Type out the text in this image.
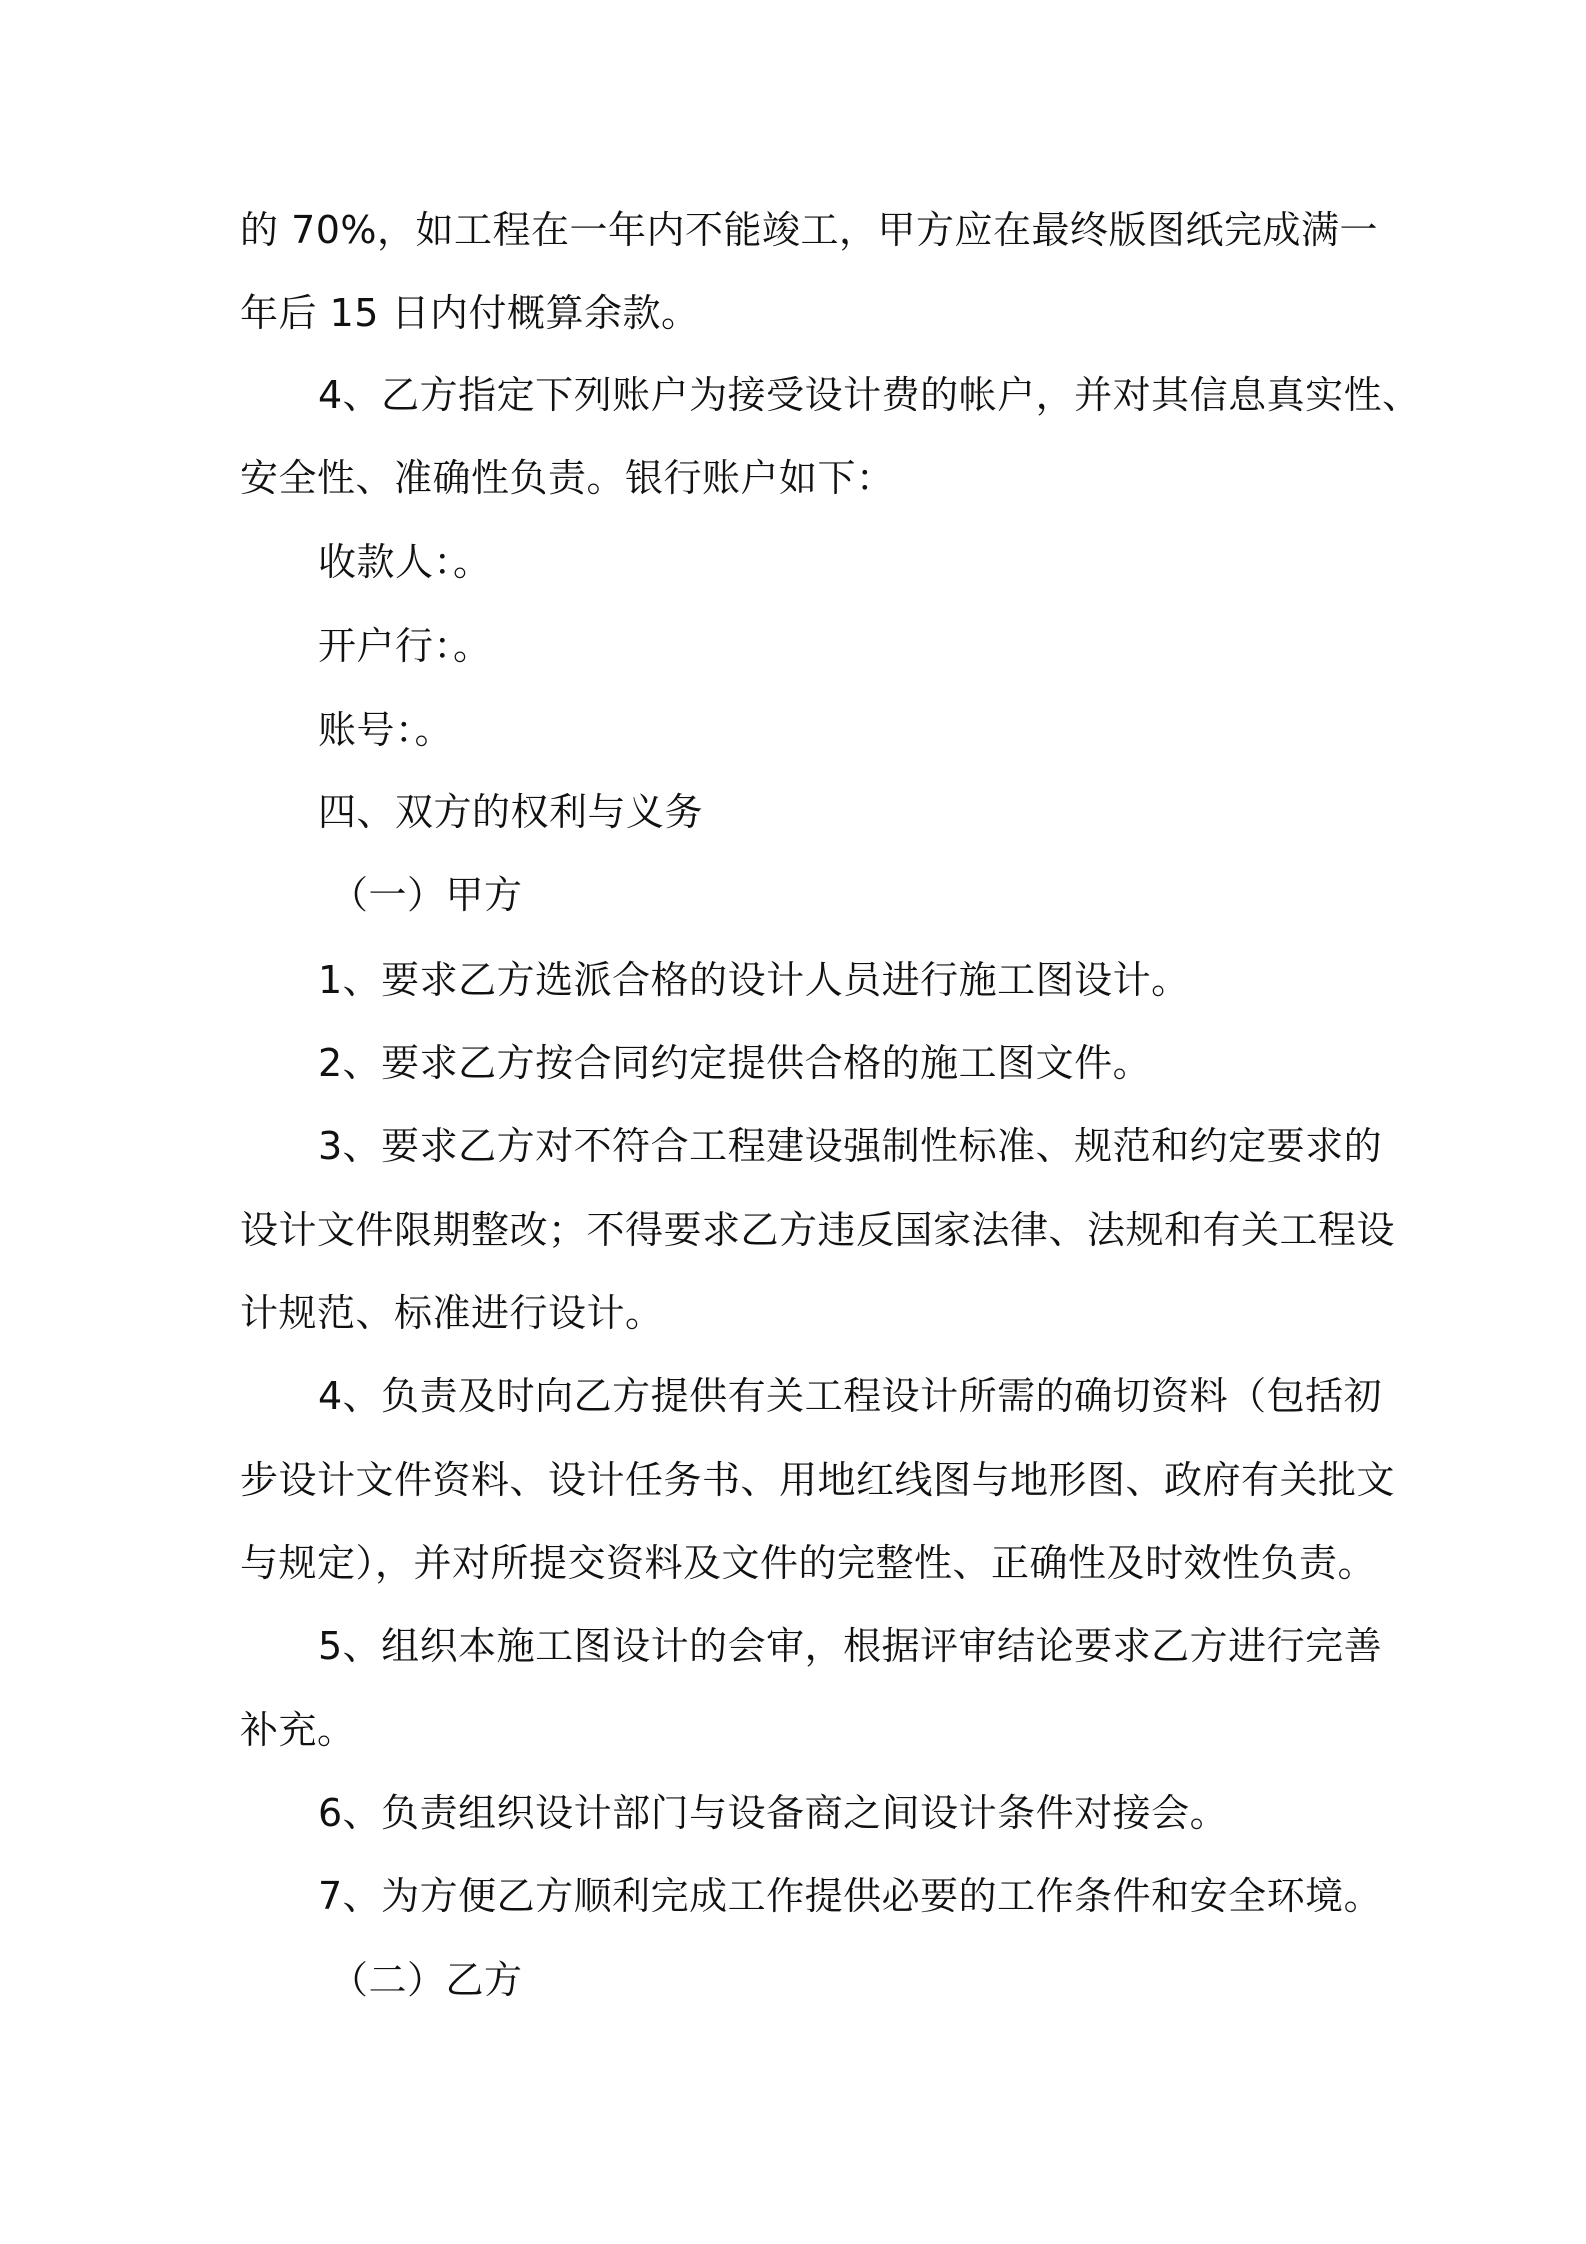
的 70%，如工程在一年内不能竣工，甲方应在最终版图纸完成满一
年后 15 日内付概算余款。
4、乙方指定下列账户为接受设计费的帐户，并对其信息真实性、
安全性、准确性负责。银行账户如下：
收款人：。
开户行：。
账号：。
四、双方的权利与义务
（一）甲方
1、要求乙方选派合格的设计人员进行施工图设计。
2、要求乙方按合同约定提供合格的施工图文件。
3、要求乙方对不符合工程建设强制性标准、规范和约定要求的
设计文件限期整改；不得要求乙方违反国家法律、法规和有关工程设
计规范、标准进行设计。
4、负责及时向乙方提供有关工程设计所需的确切资料（包括初
步设计文件资料、设计任务书、用地红线图与地形图、政府有关批文
与规定），并对所提交资料及文件的完整性、正确性及时效性负责。
5、组织本施工图设计的会审，根据评审结论要求乙方进行完善
补充。
6、负责组织设计部门与设备商之间设计条件对接会。
7、为方便乙方顺利完成工作提供必要的工作条件和安全环境。
（二）乙方
